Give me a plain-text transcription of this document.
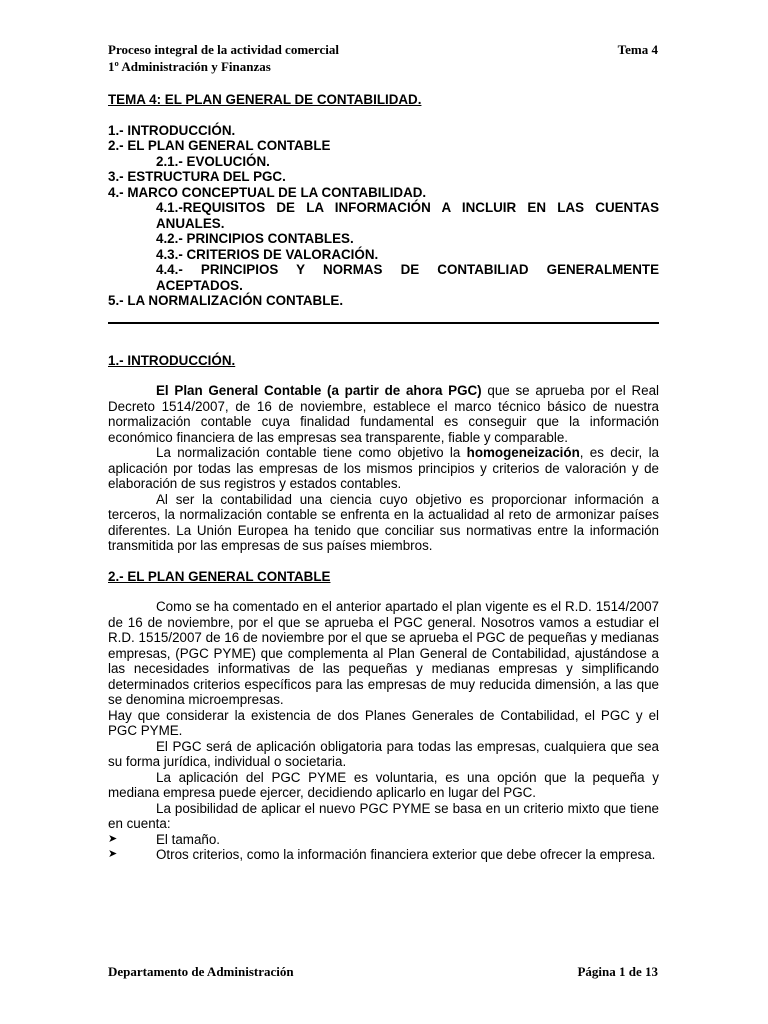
Proceso integral de la actividad comercial
1º Administración y Finanzas
Tema 4
TEMA 4: EL PLAN GENERAL DE CONTABILIDAD.
1.- INTRODUCCIÓN.
2.- EL PLAN GENERAL CONTABLE
2.1.- EVOLUCIÓN.
3.- ESTRUCTURA DEL PGC.
4.- MARCO CONCEPTUAL DE LA CONTABILIDAD.
4.1.-REQUISITOS DE LA INFORMACIÓN A INCLUIR EN LAS CUENTAS
ANUALES.
4.2.- PRINCIPIOS CONTABLES.
4.3.- CRITERIOS DE VALORACIÓN.
4.4.- PRINCIPIOS Y NORMAS DE CONTABILIAD GENERALMENTE
ACEPTADOS.
5.- LA NORMALIZACIÓN CONTABLE.
1.- INTRODUCCIÓN.

El Plan General Contable (a partir de ahora PGC) que se aprueba por el Real Decreto 1514/2007, de 16 de noviembre, establece el marco técnico básico de nuestra normalización contable cuya finalidad fundamental es conseguir que la información económico financiera de las empresas sea transparente, fiable y comparable.

La normalización contable tiene como objetivo la homogeneización, es decir, la aplicación por todas las empresas de los mismos principios y criterios de valoración y de elaboración de sus registros y estados contables.

Al ser la contabilidad una ciencia cuyo objetivo es proporcionar información a terceros, la normalización contable se enfrenta en la actualidad al reto de armonizar países diferentes. La Unión Europea ha tenido que conciliar sus normativas entre la información transmitida por las empresas de sus países miembros.

2.- EL PLAN GENERAL CONTABLE

Como se ha comentado en el anterior apartado el plan vigente es el R.D. 1514/2007 de 16 de noviembre, por el que se aprueba el PGC general. Nosotros vamos a estudiar el R.D. 1515/2007 de 16 de noviembre por el que se aprueba el PGC de pequeñas y medianas empresas, (PGC PYME) que complementa al Plan General de Contabilidad, ajustándose a las necesidades informativas de las pequeñas y medianas empresas y simplificando determinados criterios específicos para las empresas de muy reducida dimensión, a las que se denomina microempresas.

Hay que considerar la existencia de dos Planes Generales de Contabilidad, el PGC y el PGC PYME.

El PGC será de aplicación obligatoria para todas las empresas, cualquiera que sea su forma jurídica, individual o societaria.

La aplicación del PGC PYME es voluntaria, es una opción que la pequeña y mediana empresa puede ejercer, decidiendo aplicarlo en lugar del PGC.

La posibilidad de aplicar el nuevo PGC PYME se basa en un criterio mixto que tiene en cuenta:

➤	El tamaño.
➤	Otros criterios, como la información financiera exterior que debe ofrecer la empresa.
Departamento de Administración	Página 1 de 13
